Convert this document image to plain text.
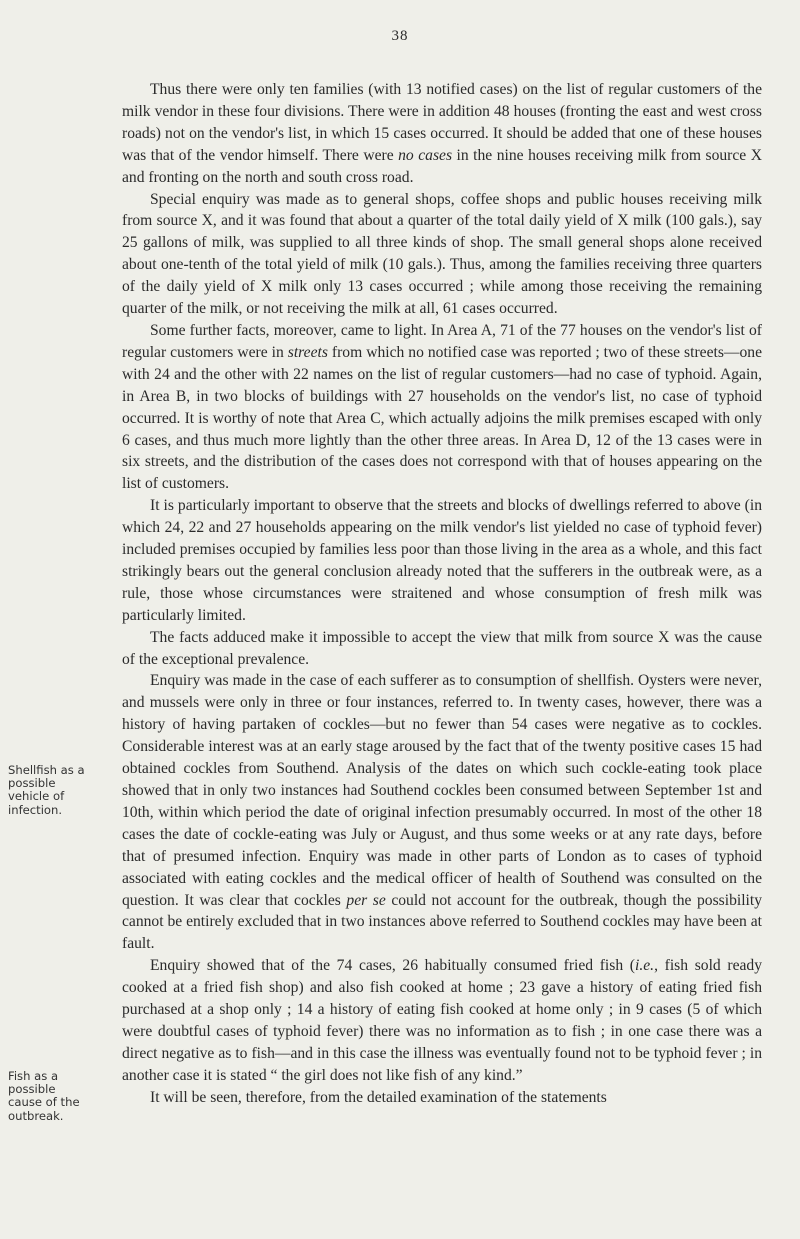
38
Shellfish as a
possible
vehicle of
infection.
Fish as a
possible
cause of the
outbreak.

Thus there were only ten families (with 13 notified cases) on the list of regular customers of the milk vendor in these four divisions. There were in addition 48 houses (fronting the east and west cross roads) not on the vendor's list, in which 15 cases occurred. It should be added that one of these houses was that of the vendor himself. There were no cases in the nine houses receiving milk from source X and fronting on the north and south cross road.

Special enquiry was made as to general shops, coffee shops and public houses receiving milk from source X, and it was found that about a quarter of the total daily yield of X milk (100 gals.), say 25 gallons of milk, was supplied to all three kinds of shop. The small general shops alone received about one-tenth of the total yield of milk (10 gals.). Thus, among the families receiving three quarters of the daily yield of X milk only 13 cases occurred ; while among those receiving the remaining quarter of the milk, or not receiving the milk at all, 61 cases occurred.

Some further facts, moreover, came to light. In Area A, 71 of the 77 houses on the vendor's list of regular customers were in streets from which no notified case was reported ; two of these streets—one with 24 and the other with 22 names on the list of regular customers—had no case of typhoid. Again, in Area B, in two blocks of buildings with 27 households on the vendor's list, no case of typhoid occurred. It is worthy of note that Area C, which actually adjoins the milk premises escaped with only 6 cases, and thus much more lightly than the other three areas. In Area D, 12 of the 13 cases were in six streets, and the distribution of the cases does not correspond with that of houses appearing on the list of customers.

It is particularly important to observe that the streets and blocks of dwellings referred to above (in which 24, 22 and 27 households appearing on the milk vendor's list yielded no case of typhoid fever) included premises occupied by families less poor than those living in the area as a whole, and this fact strikingly bears out the general conclusion already noted that the sufferers in the outbreak were, as a rule, those whose circumstances were straitened and whose consumption of fresh milk was particularly limited.

The facts adduced make it impossible to accept the view that milk from source X was the cause of the exceptional prevalence.

Enquiry was made in the case of each sufferer as to consumption of shellfish. Oysters were never, and mussels were only in three or four instances, referred to. In twenty cases, however, there was a history of having partaken of cockles—but no fewer than 54 cases were negative as to cockles. Considerable interest was at an early stage aroused by the fact that of the twenty positive cases 15 had obtained cockles from Southend. Analysis of the dates on which such cockle-eating took place showed that in only two instances had Southend cockles been consumed between September 1st and 10th, within which period the date of original infection presumably occurred. In most of the other 18 cases the date of cockle-eating was July or August, and thus some weeks or at any rate days, before that of presumed infection. Enquiry was made in other parts of London as to cases of typhoid associated with eating cockles and the medical officer of health of Southend was consulted on the question. It was clear that cockles per se could not account for the outbreak, though the possibility cannot be entirely excluded that in two instances above referred to Southend cockles may have been at fault.

Enquiry showed that of the 74 cases, 26 habitually consumed fried fish (i.e., fish sold ready cooked at a fried fish shop) and also fish cooked at home ; 23 gave a history of eating fried fish purchased at a shop only ; 14 a history of eating fish cooked at home only ; in 9 cases (5 of which were doubtful cases of typhoid fever) there was no information as to fish ; in one case there was a direct negative as to fish—and in this case the illness was eventually found not to be typhoid fever ; in another case it is stated “ the girl does not like fish of any kind.”

It will be seen, therefore, from the detailed examination of the statements
